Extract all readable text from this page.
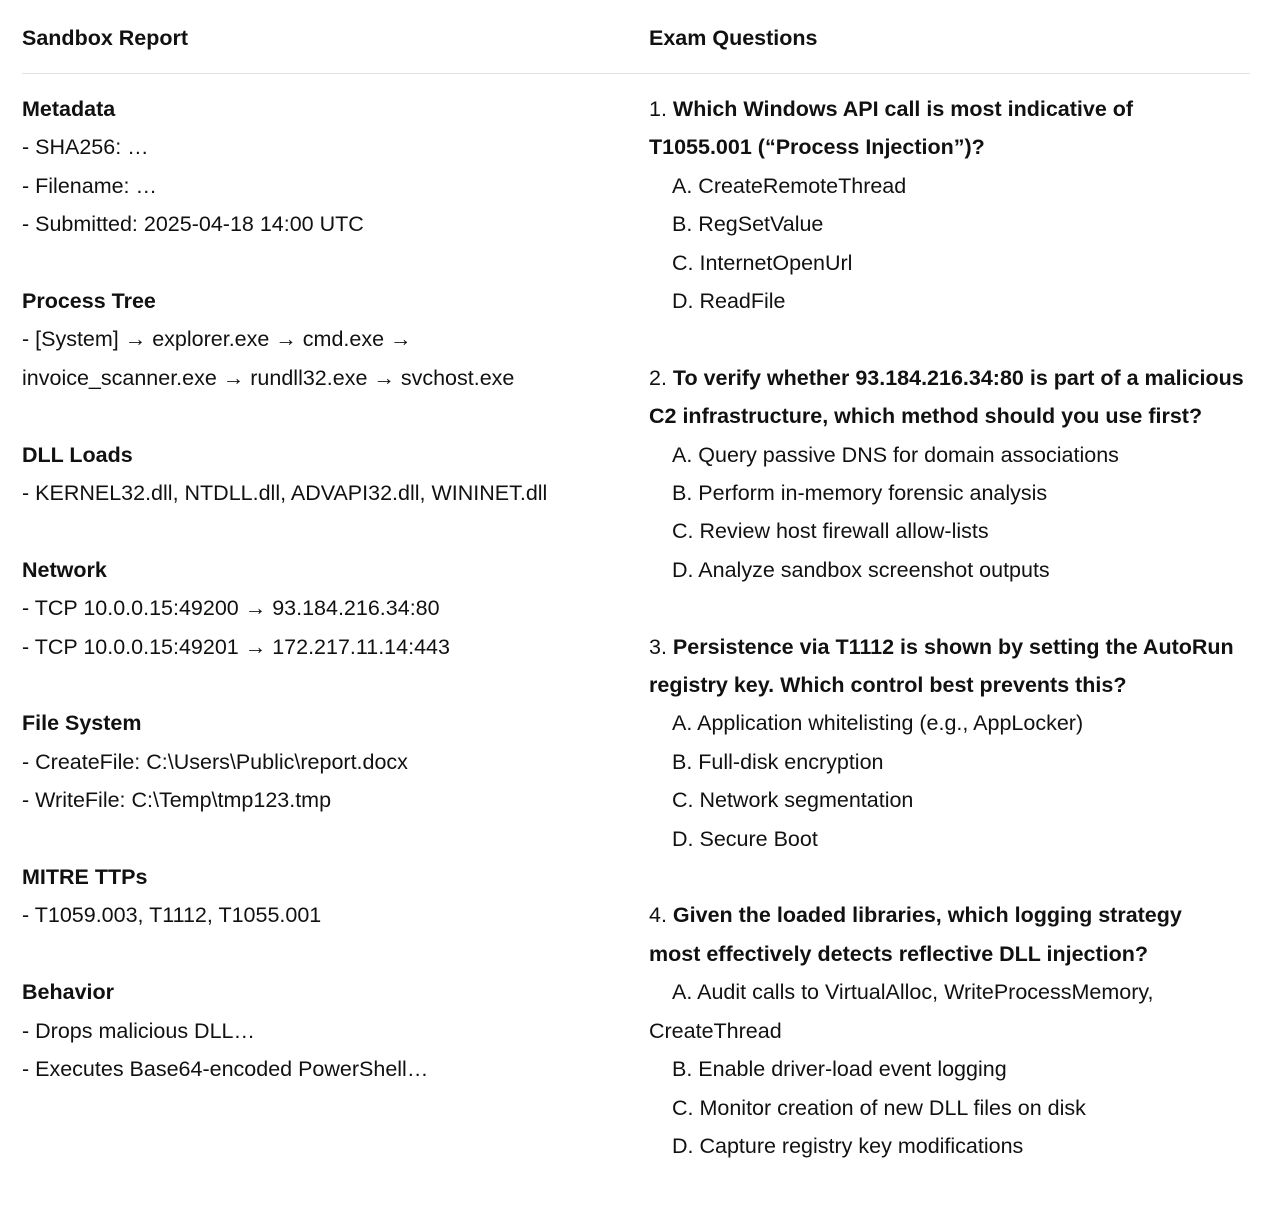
Sandbox Report	Exam Questions
Metadata
- SHA256: …
- Filename: …
- Submitted: 2025-04-18 14:00 UTC
Process Tree
- [System] → explorer.exe → cmd.exe → invoice_scanner.exe → rundll32.exe → svchost.exe
DLL Loads
- KERNEL32.dll, NTDLL.dll, ADVAPI32.dll, WININET.dll
Network
- TCP 10.0.0.15:49200 → 93.184.216.34:80
- TCP 10.0.0.15:49201 → 172.217.11.14:443
File System
- CreateFile: C:\Users\Public\report.docx
- WriteFile: C:\Temp\tmp123.tmp
MITRE TTPs
- T1059.003, T1112, T1055.001
Behavior
- Drops malicious DLL…
- Executes Base64-encoded PowerShell…
1. Which Windows API call is most indicative of T1055.001 (“Process Injection”)?
A. CreateRemoteThread
B. RegSetValue
C. InternetOpenUrl
D. ReadFile
2. To verify whether 93.184.216.34:80 is part of a malicious C2 infrastructure, which method should you use first?
A. Query passive DNS for domain associations
B. Perform in-memory forensic analysis
C. Review host firewall allow-lists
D. Analyze sandbox screenshot outputs
3. Persistence via T1112 is shown by setting the AutoRun registry key. Which control best prevents this?
A. Application whitelisting (e.g., AppLocker)
B. Full-disk encryption
C. Network segmentation
D. Secure Boot
4. Given the loaded libraries, which logging strategy most effectively detects reflective DLL injection?
A. Audit calls to VirtualAlloc, WriteProcessMemory, CreateThread
B. Enable driver-load event logging
C. Monitor creation of new DLL files on disk
D. Capture registry key modifications
